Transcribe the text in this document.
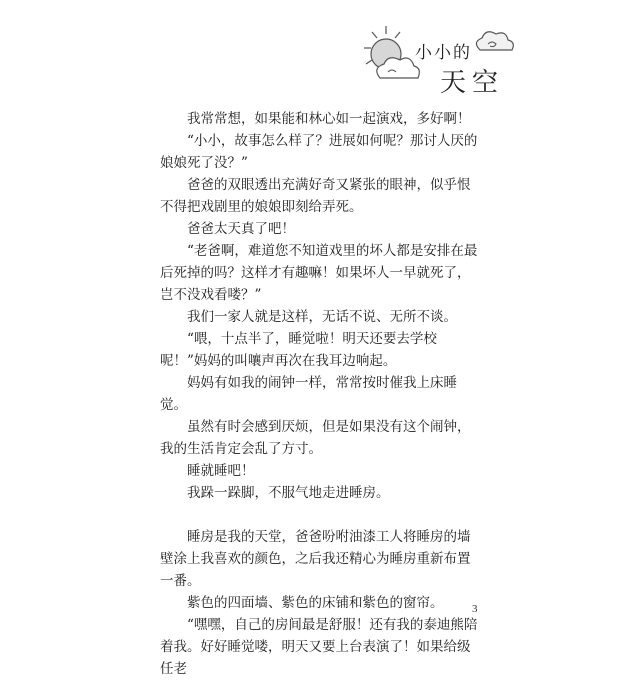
小小的
天空

我常常想，如果能和林心如一起演戏，多好啊！

“小小，故事怎么样了？进展如何呢？那讨人厌的娘娘死了没？”

爸爸的双眼透出充满好奇又紧张的眼神，似乎恨不得把戏剧里的娘娘即刻给弄死。

爸爸太天真了吧！

“老爸啊，难道您不知道戏里的坏人都是安排在最后死掉的吗？这样才有趣嘛！如果坏人一早就死了，岂不没戏看喽？”

我们一家人就是这样，无话不说、无所不谈。

“喂，十点半了，睡觉啦！明天还要去学校呢！”妈妈的叫嚷声再次在我耳边响起。

妈妈有如我的闹钟一样，常常按时催我上床睡觉。

虽然有时会感到厌烦，但是如果没有这个闹钟，我的生活肯定会乱了方寸。

睡就睡吧！

我跺一跺脚，不服气地走进睡房。

睡房是我的天堂，爸爸吩咐油漆工人将睡房的墙壁涂上我喜欢的颜色，之后我还精心为睡房重新布置一番。

紫色的四面墙、紫色的床铺和紫色的窗帘。

“嘿嘿，自己的房间最是舒服！还有我的泰迪熊陪着我。好好睡觉喽，明天又要上台表演了！如果给级任老

3
